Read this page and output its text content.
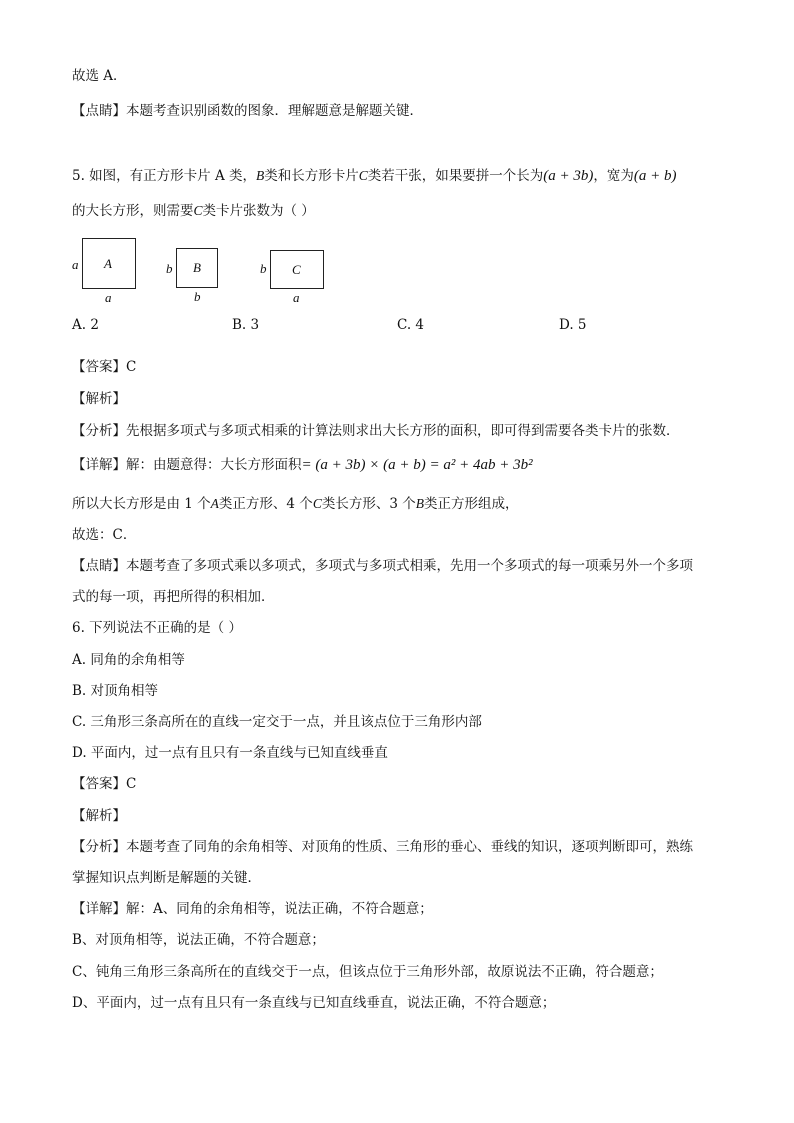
故选 A．
【点睛】本题考查识别函数的图象．理解题意是解题关键．
5. 如图，有正方形卡片 A 类，B类和长方形卡片C类若干张，如果要拼一个长为(a + 3b)，宽为(a + b)
的大长方形，则需要C类卡片张数为（ ）
a A
a
b B
b
b C
a
A. 2	B. 3	C. 4	D. 5
【答案】C
【解析】
【分析】先根据多项式与多项式相乘的计算法则求出大长方形的面积，即可得到需要各类卡片的张数．
【详解】解：由题意得：大长方形面积= (a + 3b) × (a + b) = a² + 4ab + 3b²
所以大长方形是由 1 个A类正方形、4 个C类长方形、3 个B类正方形组成，
故选：C．
【点睛】本题考查了多项式乘以多项式，多项式与多项式相乘，先用一个多项式的每一项乘另外一个多项
式的每一项，再把所得的积相加．
6. 下列说法不正确的是（ ）
A. 同角的余角相等
B. 对顶角相等
C. 三角形三条高所在的直线一定交于一点，并且该点位于三角形内部
D. 平面内，过一点有且只有一条直线与已知直线垂直
【答案】C
【解析】
【分析】本题考查了同角的余角相等、对顶角的性质、三角形的垂心、垂线的知识，逐项判断即可，熟练
掌握知识点判断是解题的关键．
【详解】解：A、同角的余角相等，说法正确，不符合题意；
B、对顶角相等，说法正确，不符合题意；
C、钝角三角形三条高所在的直线交于一点，但该点位于三角形外部，故原说法不正确，符合题意；
D、平面内，过一点有且只有一条直线与已知直线垂直，说法正确，不符合题意；
